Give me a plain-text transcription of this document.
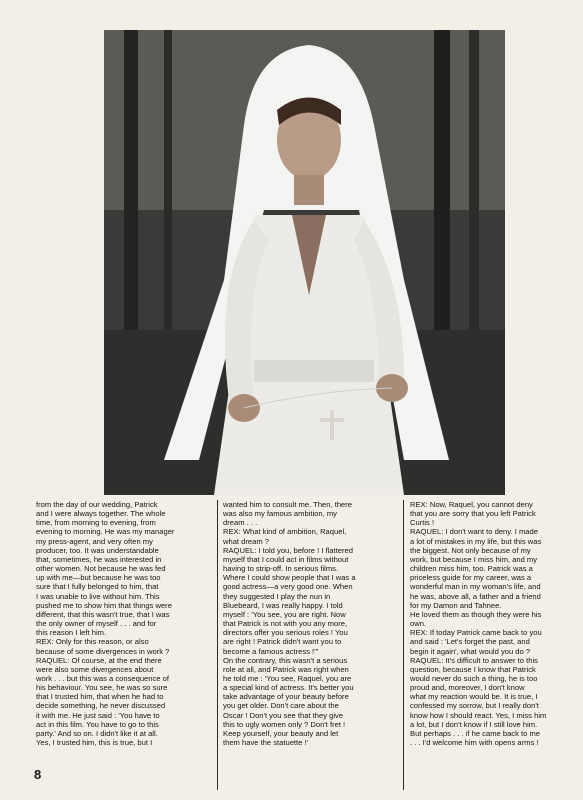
from the day of our wedding, Patrick
and I were always together. The whole
time, from morning to evening, from
evening to morning. He was my manager
my press-agent, and very often my
producer, too. It was understandable
that, sometimes, he was interested in
other women. Not because he was fed
up with me—but because he was too
sure that I fully belonged to him, that
I was unable to live without him. This
pushed me to show him that things were
different, that this wasn't true, that I was
the only owner of myself . . . and for
this reason I left him.
REX: Only for this reason, or also
because of some divergences in work ?
RAQUEL: Of course, at the end there
were also some divergences about
work . . . but this was a consequence of
his behaviour. You see, he was so sure
that I trusted him, that when he had to
decide something, he never discussed
it with me. He just said : 'You have to
act in this film. You have to go to this
party.' And so on. I didn't like it at all.
Yes, I trusted him, this is true, but I
wanted him to consult me. Then, there
was also my famous ambition, my
dream . . .
REX: What kind of ambition, Raquel,
what dream ?
RAQUEL: I told you, before ! I flattered
myself that I could act in films without
having to strip-off. In serious films.
Where I could show people that I was a
good actress—a very good one. When
they suggested I play the nun in
Bluebeard, I was really happy. I told
myself : 'You see, you are right. Now
that Patrick is not with you any more,
directors offer you serious roles ! You
are right ! Patrick didn't want you to
become a famous actress !'"
On the contrary, this wasn't a serious
role at all, and Patrick was right when
he told me : 'You see, Raquel, you are
a special kind of actress. It's better you
take advantage of your beauty before
you get older. Don't care about the
Oscar ! Don't you see that they give
this to ugly women only ? Don't fret !
Keep yourself, your beauty and let
them have the statuette !'
REX: Now, Raquel, you cannot deny
that you are sorry that you left Patrick
Curtis !
RAQUEL: I don't want to deny. I made
a lot of mistakes in my life, but this was
the biggest. Not only because of my
work, but because I miss him, and my
children miss him, too. Patrick was a
priceless guide for my career, was a
wonderful man in my woman's life, and
he was, above all, a father and a friend
for my Damon and Tahnee.
He loved them as though they were his
own.
REX: If today Patrick came back to you
and said : 'Let's forget the past, and
begin it again', what would you do ?
RAQUEL: It's difficult to answer to this
question, because I know that Patrick
would never do such a thing, he is too
proud and, moreover, I don't know
what my reaction would be. It is true, I
confessed my sorrow, but I really don't
know how I should react. Yes, I miss him
a lot, but I don't know if I still love him.
But perhaps . . . if he came back to me
. . . I'd welcome him with opens arms !
8
